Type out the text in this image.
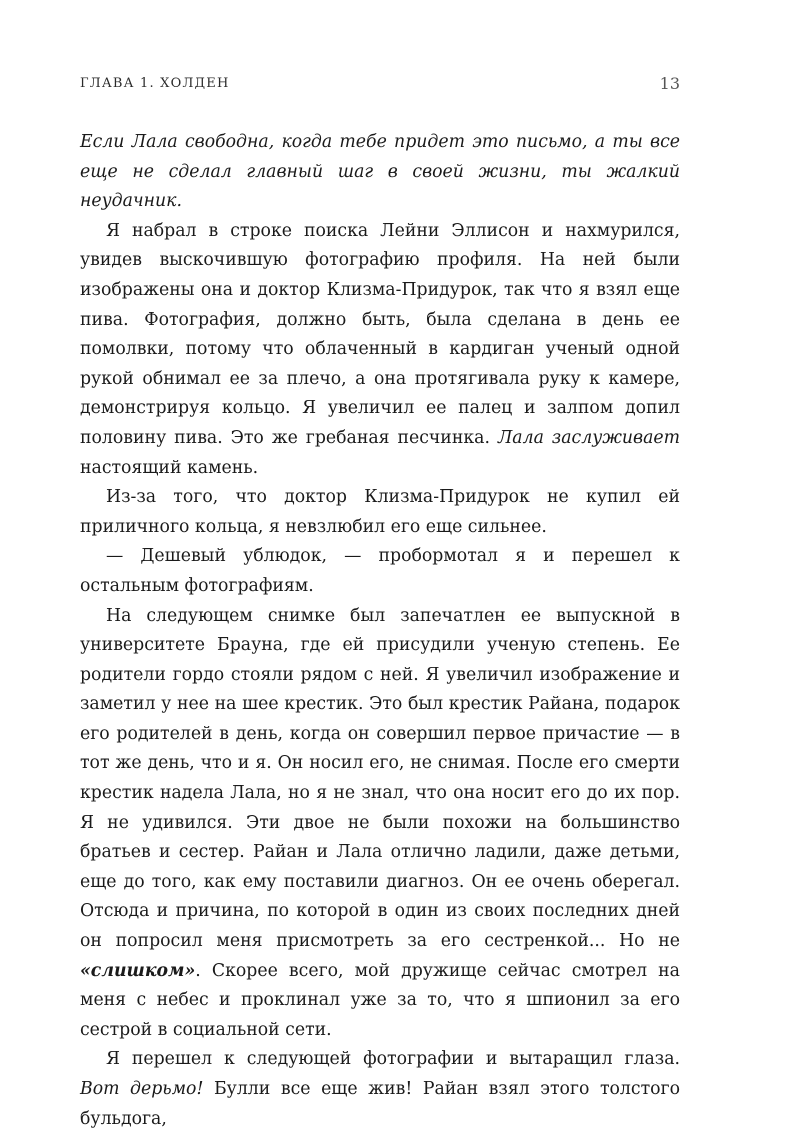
ГЛАВА 1. ХОЛДЕН	13

Если Лала свободна, когда тебе придет это письмо, а ты все еще не сделал главный шаг в своей жизни, ты жалкий неудачник.

Я набрал в строке поиска Лейни Эллисон и нахмурился, увидев выскочившую фотографию профиля. На ней были изображены она и доктор Клизма-Придурок, так что я взял еще пива. Фотография, должно быть, была сделана в день ее помолвки, потому что облаченный в кардиган ученый одной рукой обнимал ее за плечо, а она протягивала руку к камере, демонстрируя кольцо. Я увеличил ее палец и залпом допил половину пива. Это же гребаная песчинка. Лала заслуживает настоящий камень.

Из-за того, что доктор Клизма-Придурок не купил ей приличного кольца, я невзлюбил его еще сильнее.

— Дешевый ублюдок, — пробормотал я и перешел к остальным фотографиям.

На следующем снимке был запечатлен ее выпускной в университете Брауна, где ей присудили ученую степень. Ее родители гордо стояли рядом с ней. Я увеличил изображение и заметил у нее на шее крестик. Это был крестик Райана, подарок его родителей в день, когда он совершил первое причастие — в тот же день, что и я. Он носил его, не снимая. После его смерти крестик надела Лала, но я не знал, что она носит его до их пор. Я не удивился. Эти двое не были похожи на большинство братьев и сестер. Райан и Лала отлично ладили, даже детьми, еще до того, как ему поставили диагноз. Он ее очень оберегал. Отсюда и причина, по которой в один из своих последних дней он попросил меня присмотреть за его сестренкой... Но не «слишком». Скорее всего, мой дружище сейчас смотрел на меня с небес и проклинал уже за то, что я шпионил за его сестрой в социальной сети.

Я перешел к следующей фотографии и вытаращил глаза. Вот дерьмо! Булли все еще жив! Райан взял этого толстого бульдога,
